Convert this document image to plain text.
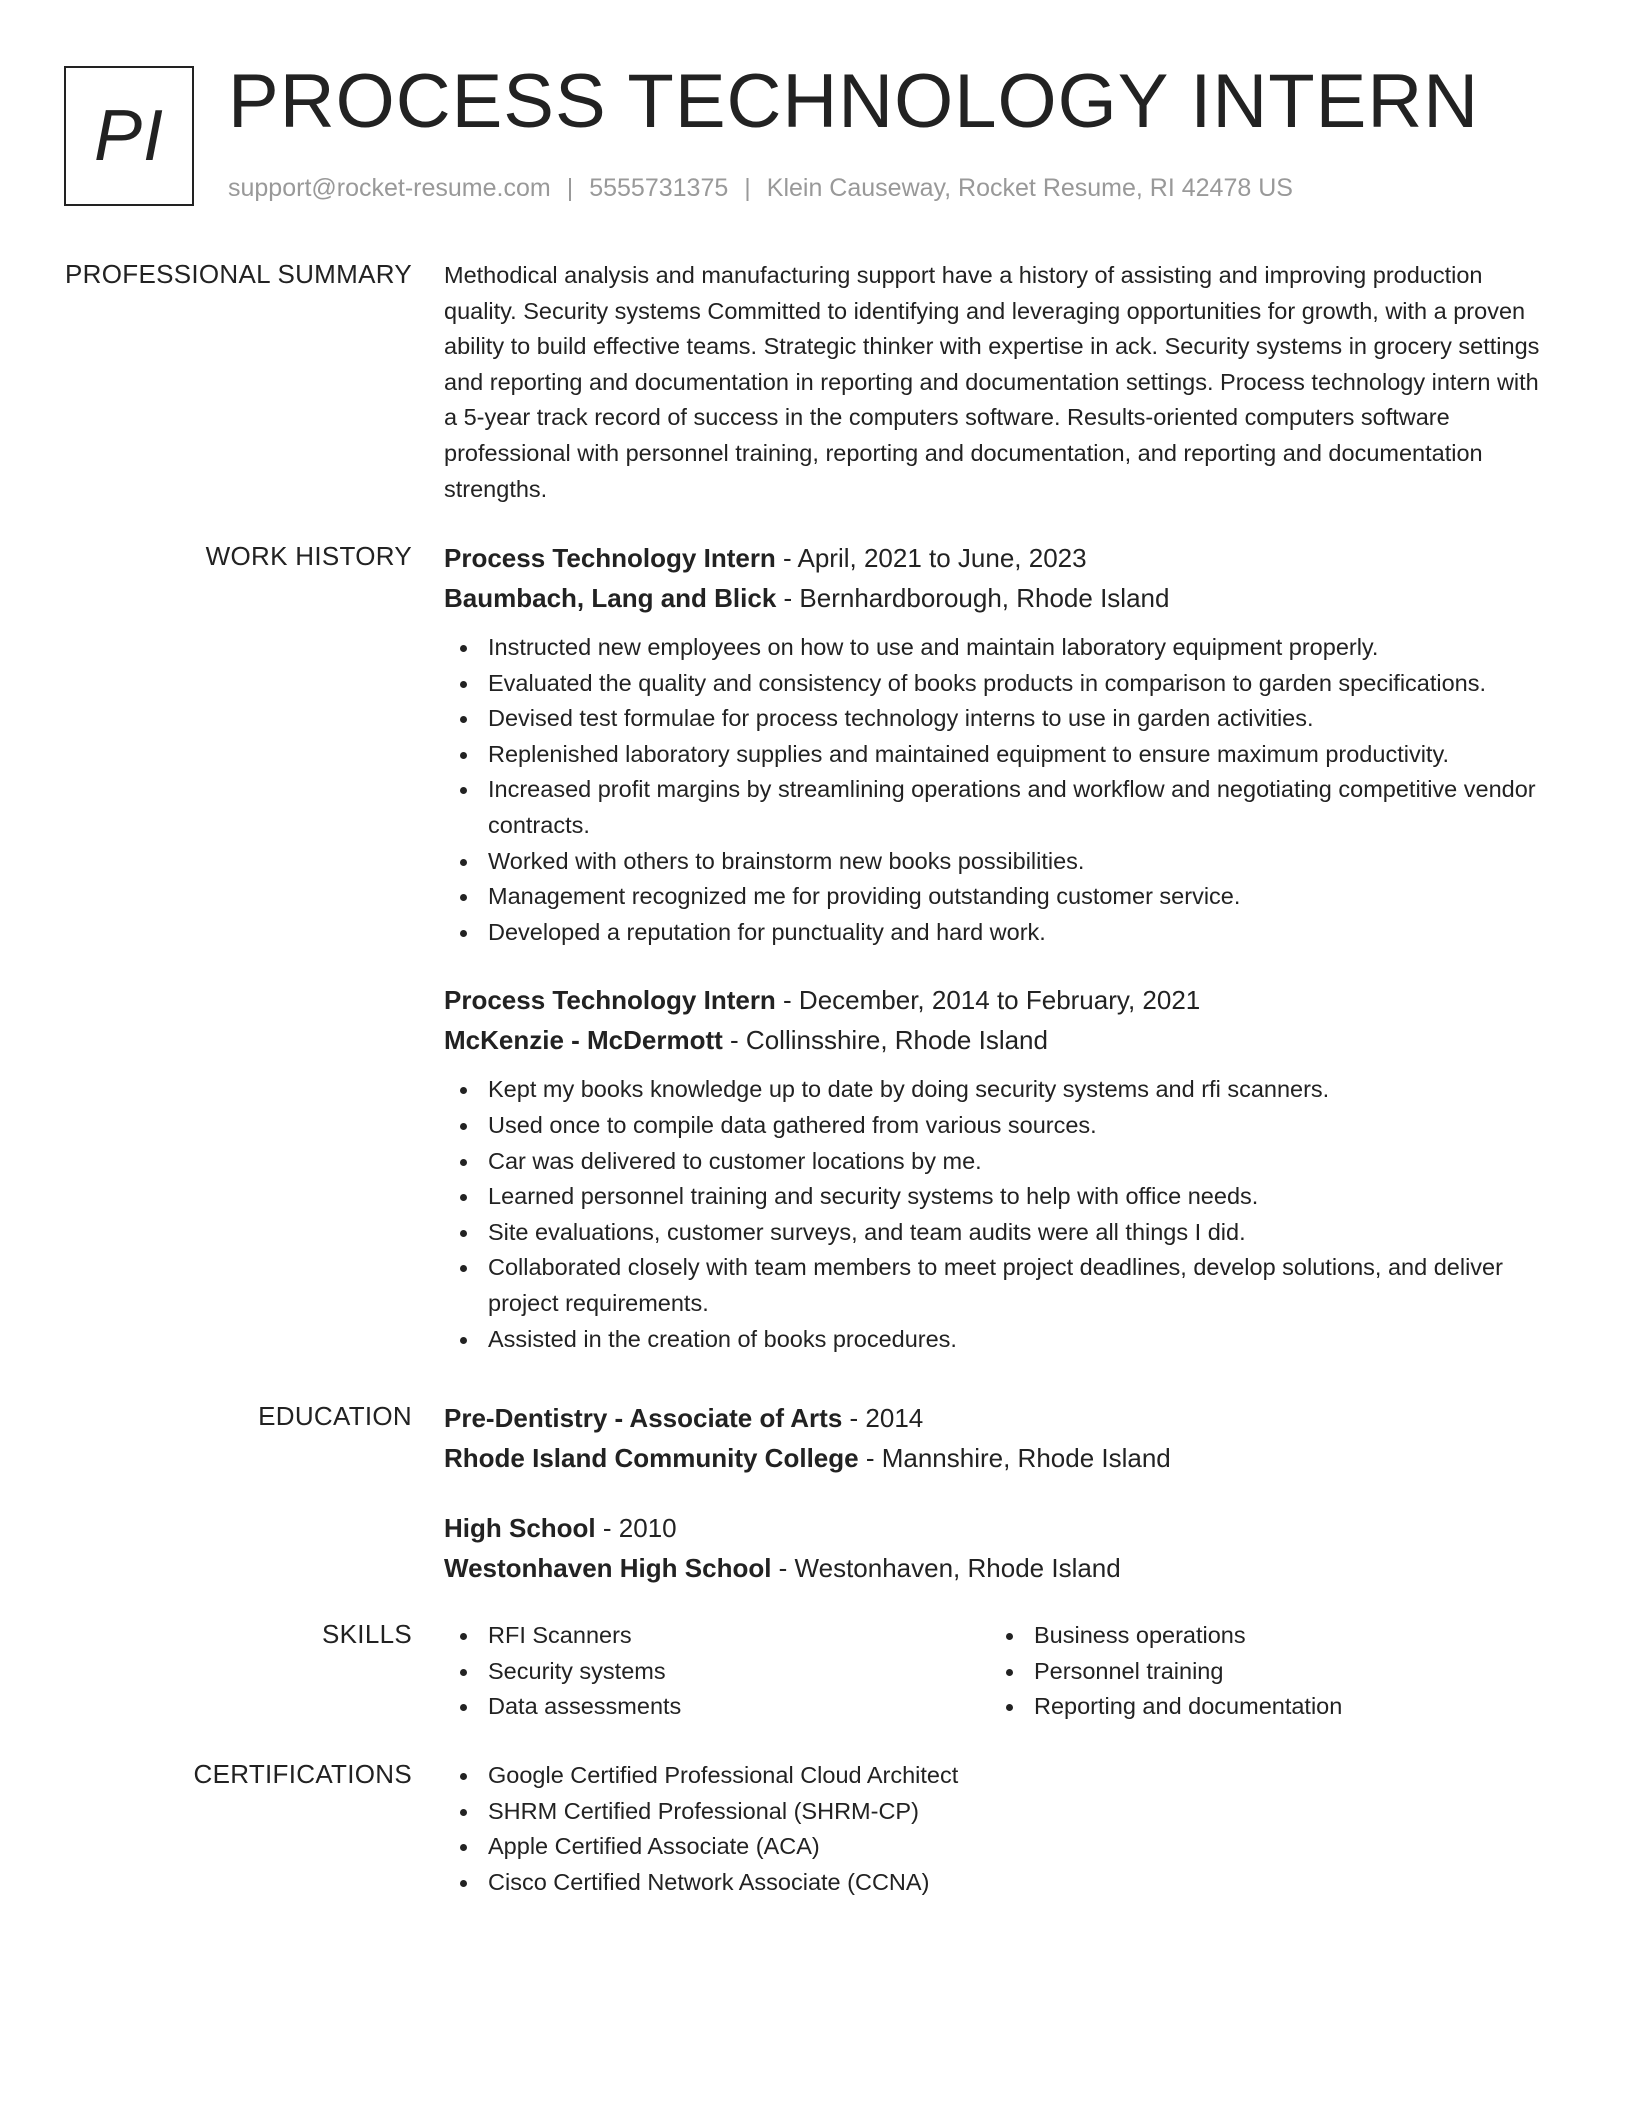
PI PROCESS TECHNOLOGY INTERN
support@rocket-resume.com | 5555731375 | Klein Causeway, Rocket Resume, RI 42478 US
PROFESSIONAL SUMMARY Methodical analysis and manufacturing support have a history of assisting and improving production quality. Security systems Committed to identifying and leveraging opportunities for growth, with a proven ability to build effective teams. Strategic thinker with expertise in ack. Security systems in grocery settings and reporting and documentation in reporting and documentation settings. Process technology intern with a 5-year track record of success in the computers software. Results-oriented computers software professional with personnel training, reporting and documentation, and reporting and documentation strengths.

WORK HISTORY Process Technology Intern - April, 2021 to June, 2023
Baumbach, Lang and Blick - Bernhardborough, Rhode Island
Instructed new employees on how to use and maintain laboratory equipment properly.
Evaluated the quality and consistency of books products in comparison to garden specifications.
Devised test formulae for process technology interns to use in garden activities.
Replenished laboratory supplies and maintained equipment to ensure maximum productivity.
Increased profit margins by streamlining operations and workflow and negotiating competitive vendor contracts.
Worked with others to brainstorm new books possibilities.
Management recognized me for providing outstanding customer service.
Developed a reputation for punctuality and hard work.
Process Technology Intern - December, 2014 to February, 2021
McKenzie - McDermott - Collinsshire, Rhode Island
Kept my books knowledge up to date by doing security systems and rfi scanners.
Used once to compile data gathered from various sources.
Car was delivered to customer locations by me.
Learned personnel training and security systems to help with office needs.
Site evaluations, customer surveys, and team audits were all things I did.
Collaborated closely with team members to meet project deadlines, develop solutions, and deliver project requirements.
Assisted in the creation of books procedures.
EDUCATION Pre-Dentistry - Associate of Arts - 2014
Rhode Island Community College - Mannshire, Rhode Island
High School - 2010
Westonhaven High School - Westonhaven, Rhode Island
SKILLS	RFI Scanners
Security systems
Data assessments
Business operations
Personnel training
Reporting and documentation
CERTIFICATIONS	Google Certified Professional Cloud Architect
SHRM Certified Professional (SHRM-CP)
Apple Certified Associate (ACA)
Cisco Certified Network Associate (CCNA)
